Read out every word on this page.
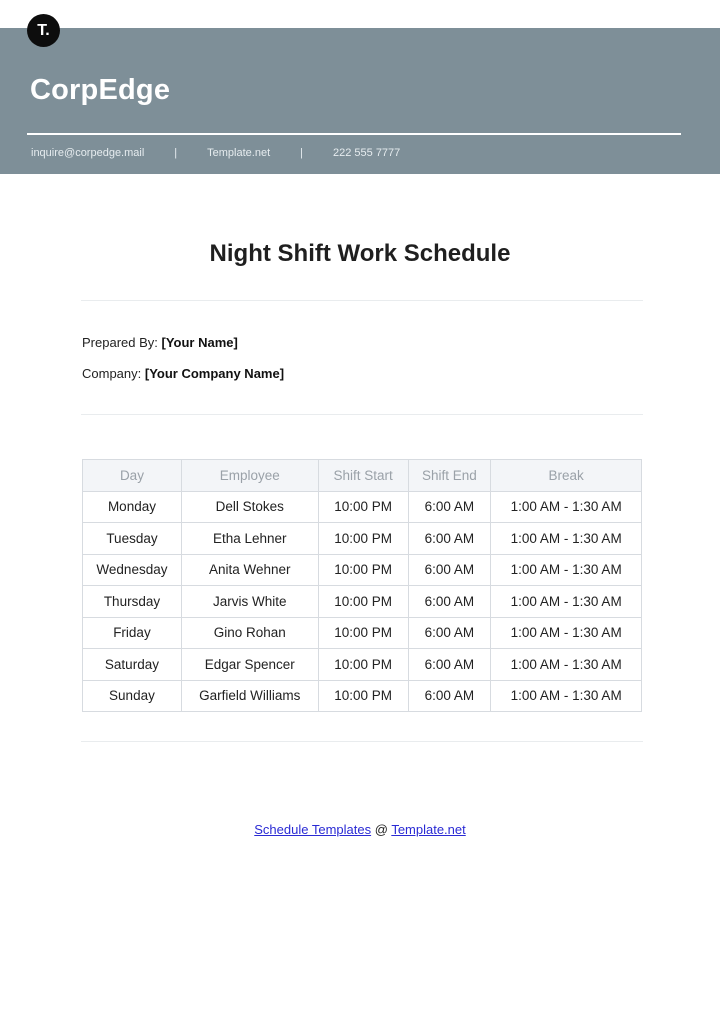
T.
CorpEdge
inquire@corpedge.mail	|	Template.net	|	222 555 7777
Night Shift Work Schedule
Prepared By: [Your Name]
Company: [Your Company Name]
Day	Employee	Shift Start	Shift End	Break
Monday	Dell Stokes	10:00 PM	6:00 AM	1:00 AM - 1:30 AM
Tuesday	Etha Lehner	10:00 PM	6:00 AM	1:00 AM - 1:30 AM
Wednesday	Anita Wehner	10:00 PM	6:00 AM	1:00 AM - 1:30 AM
Thursday	Jarvis White	10:00 PM	6:00 AM	1:00 AM - 1:30 AM
Friday	Gino Rohan	10:00 PM	6:00 AM	1:00 AM - 1:30 AM
Saturday	Edgar Spencer	10:00 PM	6:00 AM	1:00 AM - 1:30 AM
Sunday	Garfield Williams	10:00 PM	6:00 AM	1:00 AM - 1:30 AM
Schedule Templates @ Template.net
